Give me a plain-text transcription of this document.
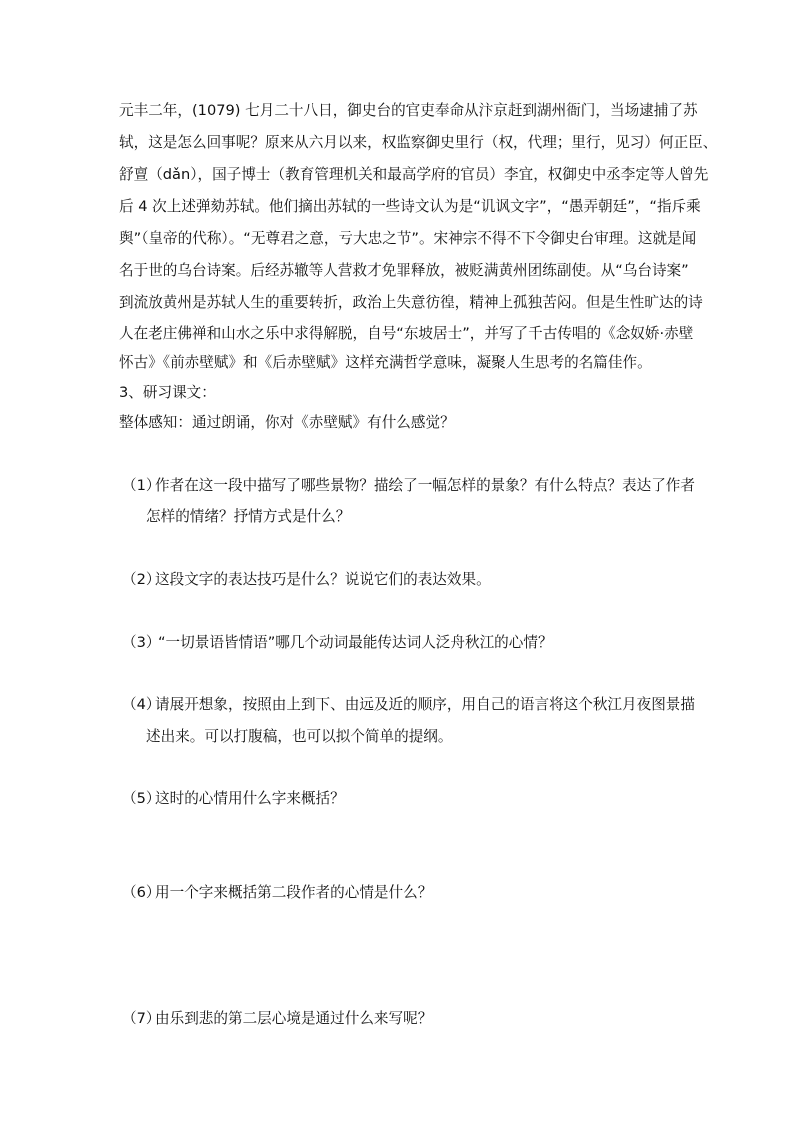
元丰二年，(1079) 七月二十八日，御史台的官吏奉命从汴京赶到湖州衙门，当场逮捕了苏
轼，这是怎么回事呢？原来从六月以来，权监察御史里行（权，代理；里行，见习）何正臣、
舒亶（dǎn），国子博士（教育管理机关和最高学府的官员）李宜，权御史中丞李定等人曾先
后 4 次上述弹劾苏轼。他们摘出苏轼的一些诗文认为是“讥讽文字”，“愚弄朝廷”，“指斥乘
舆”（皇帝的代称）。“无尊君之意，亏大忠之节”。宋神宗不得不下令御史台审理。这就是闻
名于世的乌台诗案。后经苏辙等人营救才免罪释放，被贬满黄州团练副使。从“乌台诗案”
到流放黄州是苏轼人生的重要转折，政治上失意彷徨，精神上孤独苦闷。但是生性旷达的诗
人在老庄佛禅和山水之乐中求得解脱，自号“东坡居士”，并写了千古传唱的《念奴娇·赤壁
怀古》《前赤壁赋》和《后赤壁赋》这样充满哲学意味，凝聚人生思考的名篇佳作。
3、研习课文：
整体感知：通过朗诵，你对《赤壁赋》有什么感觉？
（1）
作者在这一段中描写了哪些景物？描绘了一幅怎样的景象？有什么特点？表达了作者
怎样的情绪？抒情方式是什么？
（2）
这段文字的表达技巧是什么？说说它们的表达效果。
（3）
“一切景语皆情语”哪几个动词最能传达词人泛舟秋江的心情？
（4）
请展开想象，按照由上到下、由远及近的顺序，用自己的语言将这个秋江月夜图景描
述出来。可以打腹稿，也可以拟个简单的提纲。
（5）
这时的心情用什么字来概括？
（6）
用一个字来概括第二段作者的心情是什么？
（7）
由乐到悲的第二层心境是通过什么来写呢？
